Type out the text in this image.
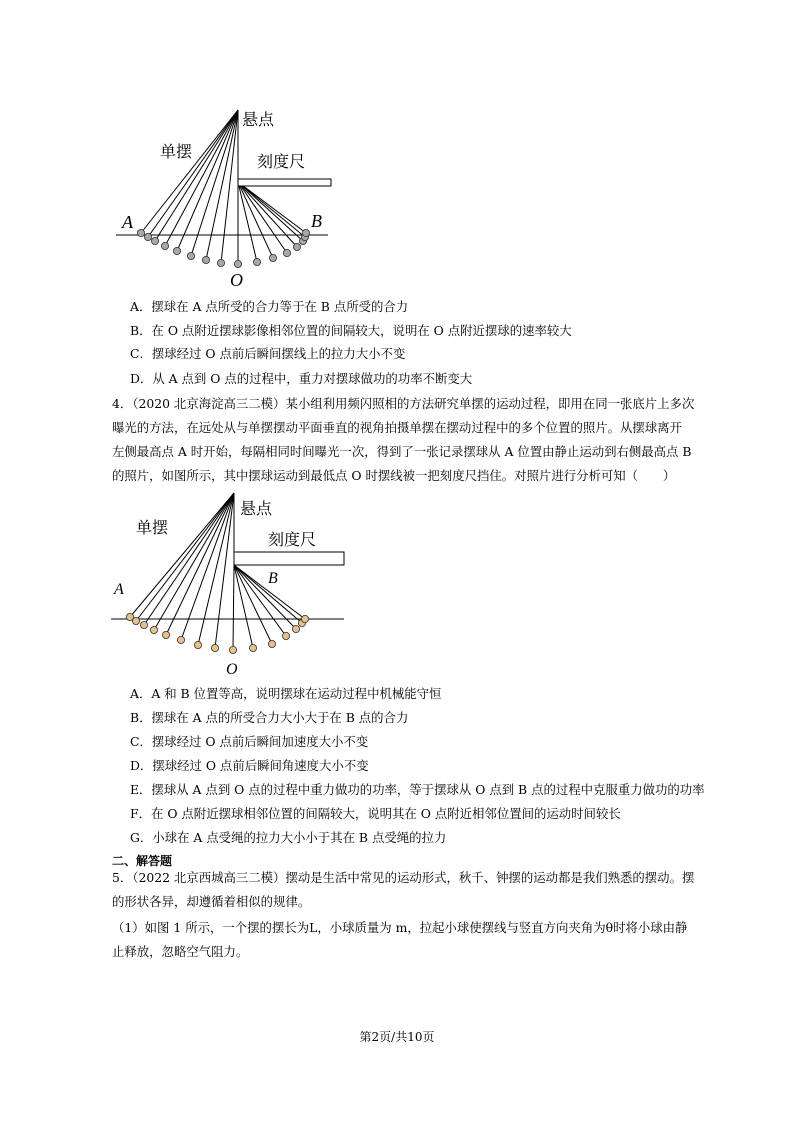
悬点
单摆
刻度尺
A	B
O
A．摆球在 A 点所受的合力等于在 B 点所受的合力
B．在 O 点附近摆球影像相邻位置的间隔较大，说明在 O 点附近摆球的速率较大
C．摆球经过 O 点前后瞬间摆线上的拉力大小不变
D．从 A 点到 O 点的过程中，重力对摆球做功的功率不断变大
4．（2020 北京海淀高三二模）某小组利用频闪照相的方法研究单摆的运动过程，即用在同一张底片上多次
曝光的方法，在远处从与单摆摆动平面垂直的视角拍摄单摆在摆动过程中的多个位置的照片。从摆球离开
左侧最高点 A 时开始，每隔相同时间曝光一次，得到了一张记录摆球从 A 位置由静止运动到右侧最高点 B
的照片，如图所示，其中摆球运动到最低点 O 时摆线被一把刻度尺挡住。对照片进行分析可知（　　）
悬点
单摆
刻度尺
A
B
O
A．A 和 B 位置等高，说明摆球在运动过程中机械能守恒
B．摆球在 A 点的所受合力大小大于在 B 点的合力
C．摆球经过 O 点前后瞬间加速度大小不变
D．摆球经过 O 点前后瞬间角速度大小不变
E．摆球从 A 点到 O 点的过程中重力做功的功率，等于摆球从 O 点到 B 点的过程中克服重力做功的功率
F．在 O 点附近摆球相邻位置的间隔较大，说明其在 O 点附近相邻位置间的运动时间较长
G．小球在 A 点受绳的拉力大小小于其在 B 点受绳的拉力
二、解答题
5．（2022 北京西城高三二模）摆动是生活中常见的运动形式，秋千、钟摆的运动都是我们熟悉的摆动。摆
的形状各异，却遵循着相似的规律。
（1）如图 1 所示，一个摆的摆长为L，小球质量为 m，拉起小球使摆线与竖直方向夹角为θ时将小球由静
止释放，忽略空气阻力。
第2页/共10页
